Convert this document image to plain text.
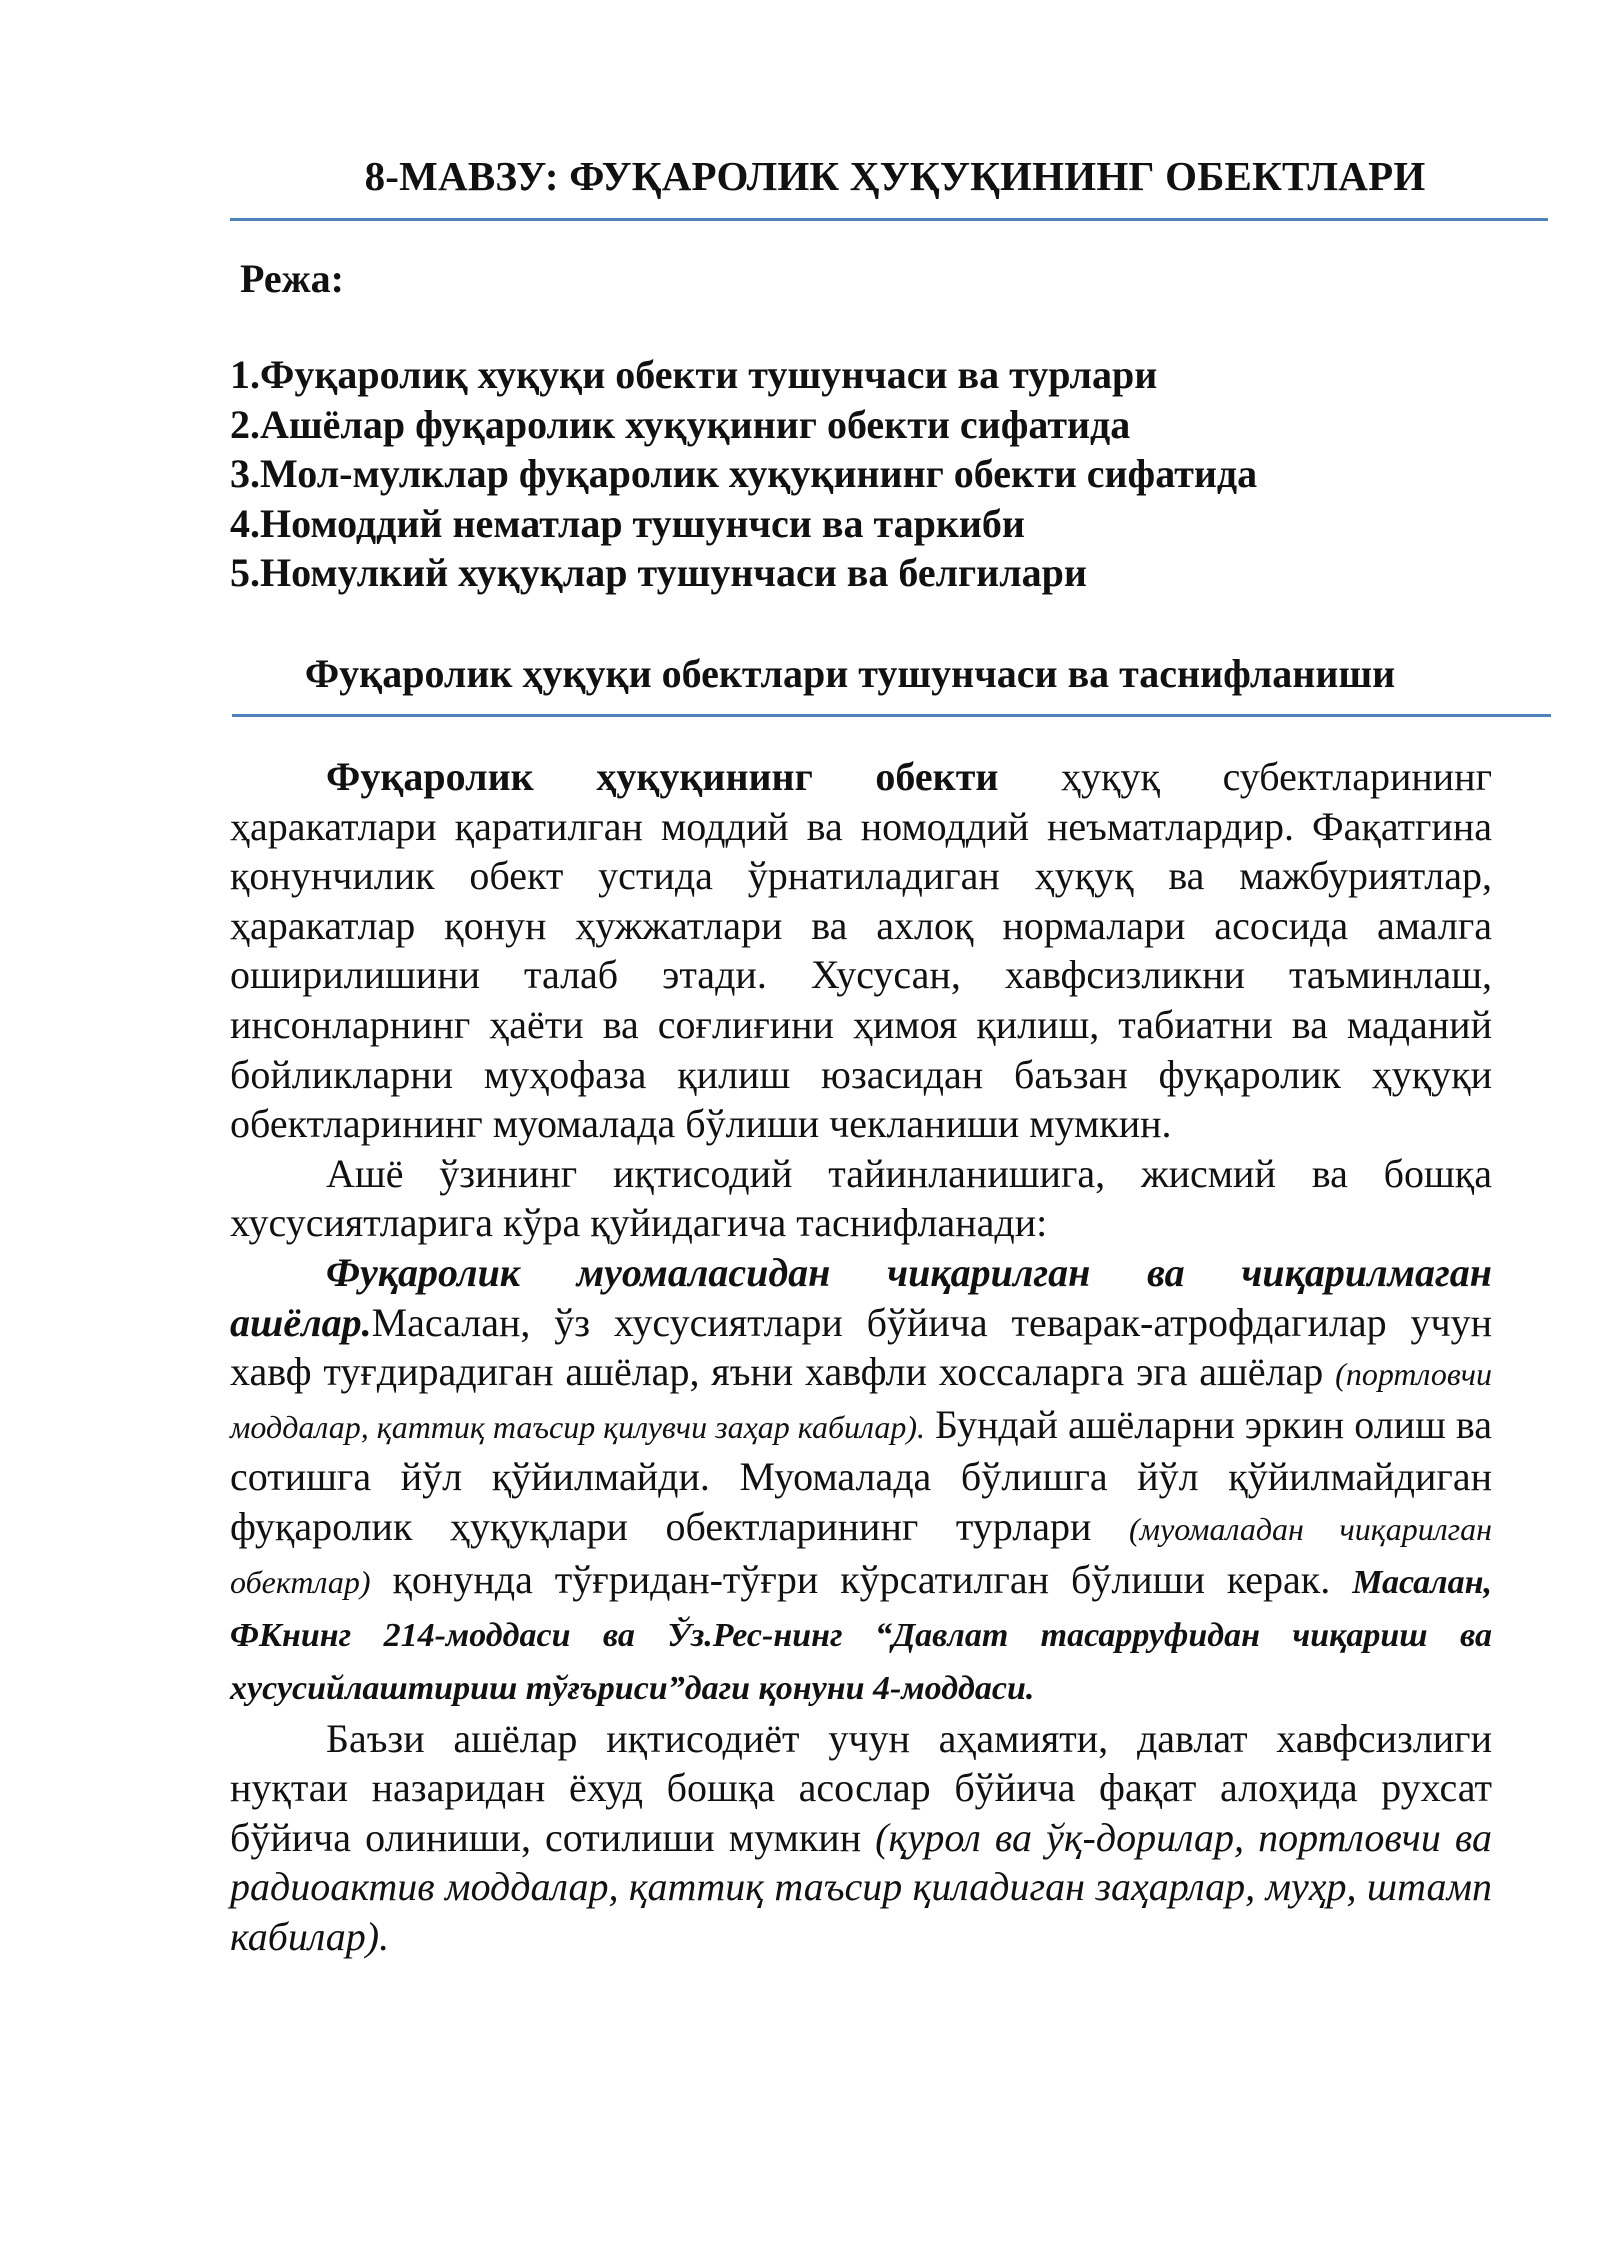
8-МАВЗУ: ФУҚАРОЛИК ҲУҚУҚИНИНГ ОБЕКТЛАРИ
Режа:
1.Фуқаролиқ хуқуқи обекти тушунчаси ва турлари
2.Ашёлар фуқаролик хуқуқиниг обекти сифатида
3.Мол-мулклар фуқаролик хуқуқининг обекти сифатида
4.Номоддий нематлар тушунчси ва таркиби
5.Номулкий хуқуқлар тушунчаси ва белгилари
Фуқаролик ҳуқуқи обектлари тушунчаси ва таснифланиши

Фуқаролик ҳуқуқининг обекти ҳуқуқ субектларининг ҳаракатлари қаратилган моддий ва номоддий неъматлардир. Фақатгина қонунчилик обект устида ўрнатиладиган ҳуқуқ ва мажбуриятлар, ҳаракатлар қонун ҳужжатлари ва ахлоқ нормалари асосида амалга оширилишини талаб этади. Хусусан, хавфсизликни таъминлаш, инсонларнинг ҳаёти ва соғлиғини ҳимоя қилиш, табиатни ва маданий бойликларни муҳофаза қилиш юзасидан баъзан фуқаролик ҳуқуқи обектларининг муомалада бўлиши чекланиши мумкин.

Ашё ўзининг иқтисодий тайинланишига, жисмий ва бошқа хусусиятларига кўра қуйидагича таснифланади:

Фуқаролик муомаласидан чиқарилган ва чиқарилмаган ашёлар.Масалан, ўз хусусиятлари бўйича теварак-атрофдагилар учун хавф туғдирадиган ашёлар, яъни хавфли хоссаларга эга ашёлар (портловчи моддалар, қаттиқ таъсир қилувчи заҳар кабилар). Бундай ашёларни эркин олиш ва сотишга йўл қўйилмайди. Муомалада бўлишга йўл қўйилмайдиган фуқаролик ҳуқуқлари обектларининг турлари (муомаладан чиқарилган обектлар) қонунда тўғридан-тўғри кўрсатилган бўлиши керак. Масалан, ФКнинг 214-моддаси ва Ўз.Рес-нинг “Давлат тасарруфидан чиқариш ва хусусийлаштириш тўғъриси”даги қонуни 4-моддаси.

Баъзи ашёлар иқтисодиёт учун аҳамияти, давлат хавфсизлиги нуқтаи назаридан ёхуд бошқа асослар бўйича фақат алоҳида рухсат бўйича олиниши, сотилиши мумкин (қурол ва ўқ-дорилар, портловчи ва радиоактив моддалар, қаттиқ таъсир қиладиган заҳарлар, муҳр, штамп кабилар).
